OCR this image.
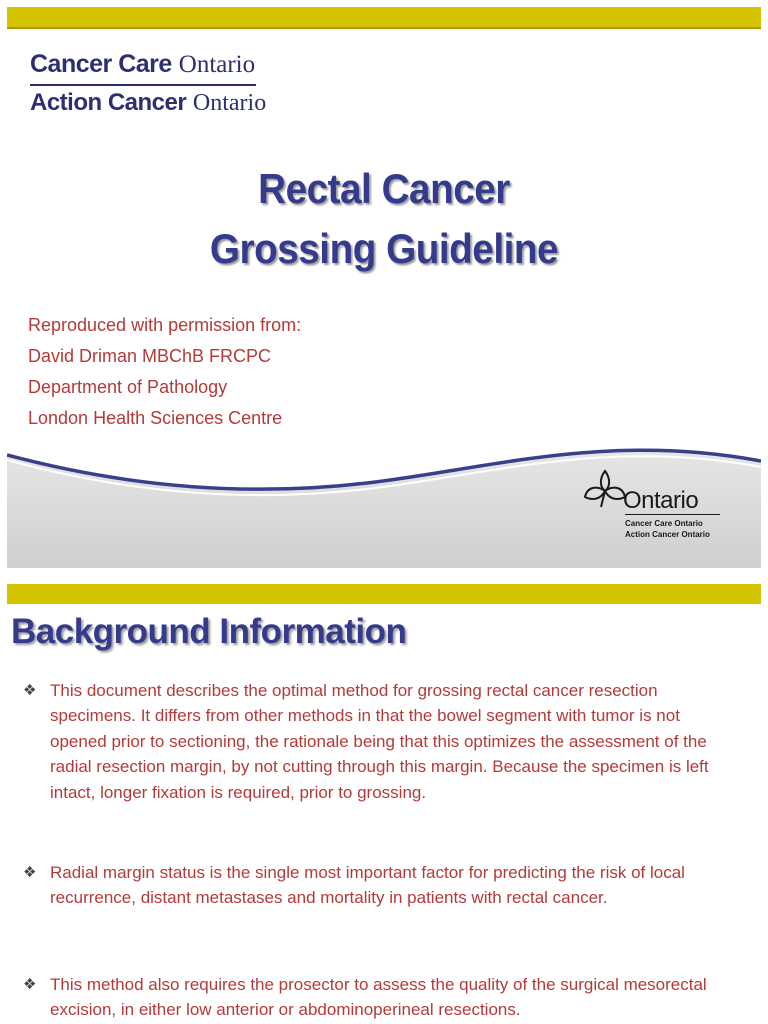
Cancer Care Ontario
Action Cancer Ontario
Rectal Cancer
Grossing Guideline
Reproduced with permission from:
David Driman MBChB FRCPC
Department of Pathology
London Health Sciences Centre
Ontario
Cancer Care Ontario
Action Cancer Ontario
Background Information
❖ This document describes the optimal method for grossing rectal cancer resection specimens. It differs from other methods in that the bowel segment with tumor is not opened prior to sectioning, the rationale being that this optimizes the assessment of the radial resection margin, by not cutting through this margin. Because the specimen is left intact, longer fixation is required, prior to grossing.
❖ Radial margin status is the single most important factor for predicting the risk of local recurrence, distant metastases and mortality in patients with rectal cancer.
❖ This method also requires the prosector to assess the quality of the surgical mesorectal excision, in either low anterior or abdominoperineal resections.
